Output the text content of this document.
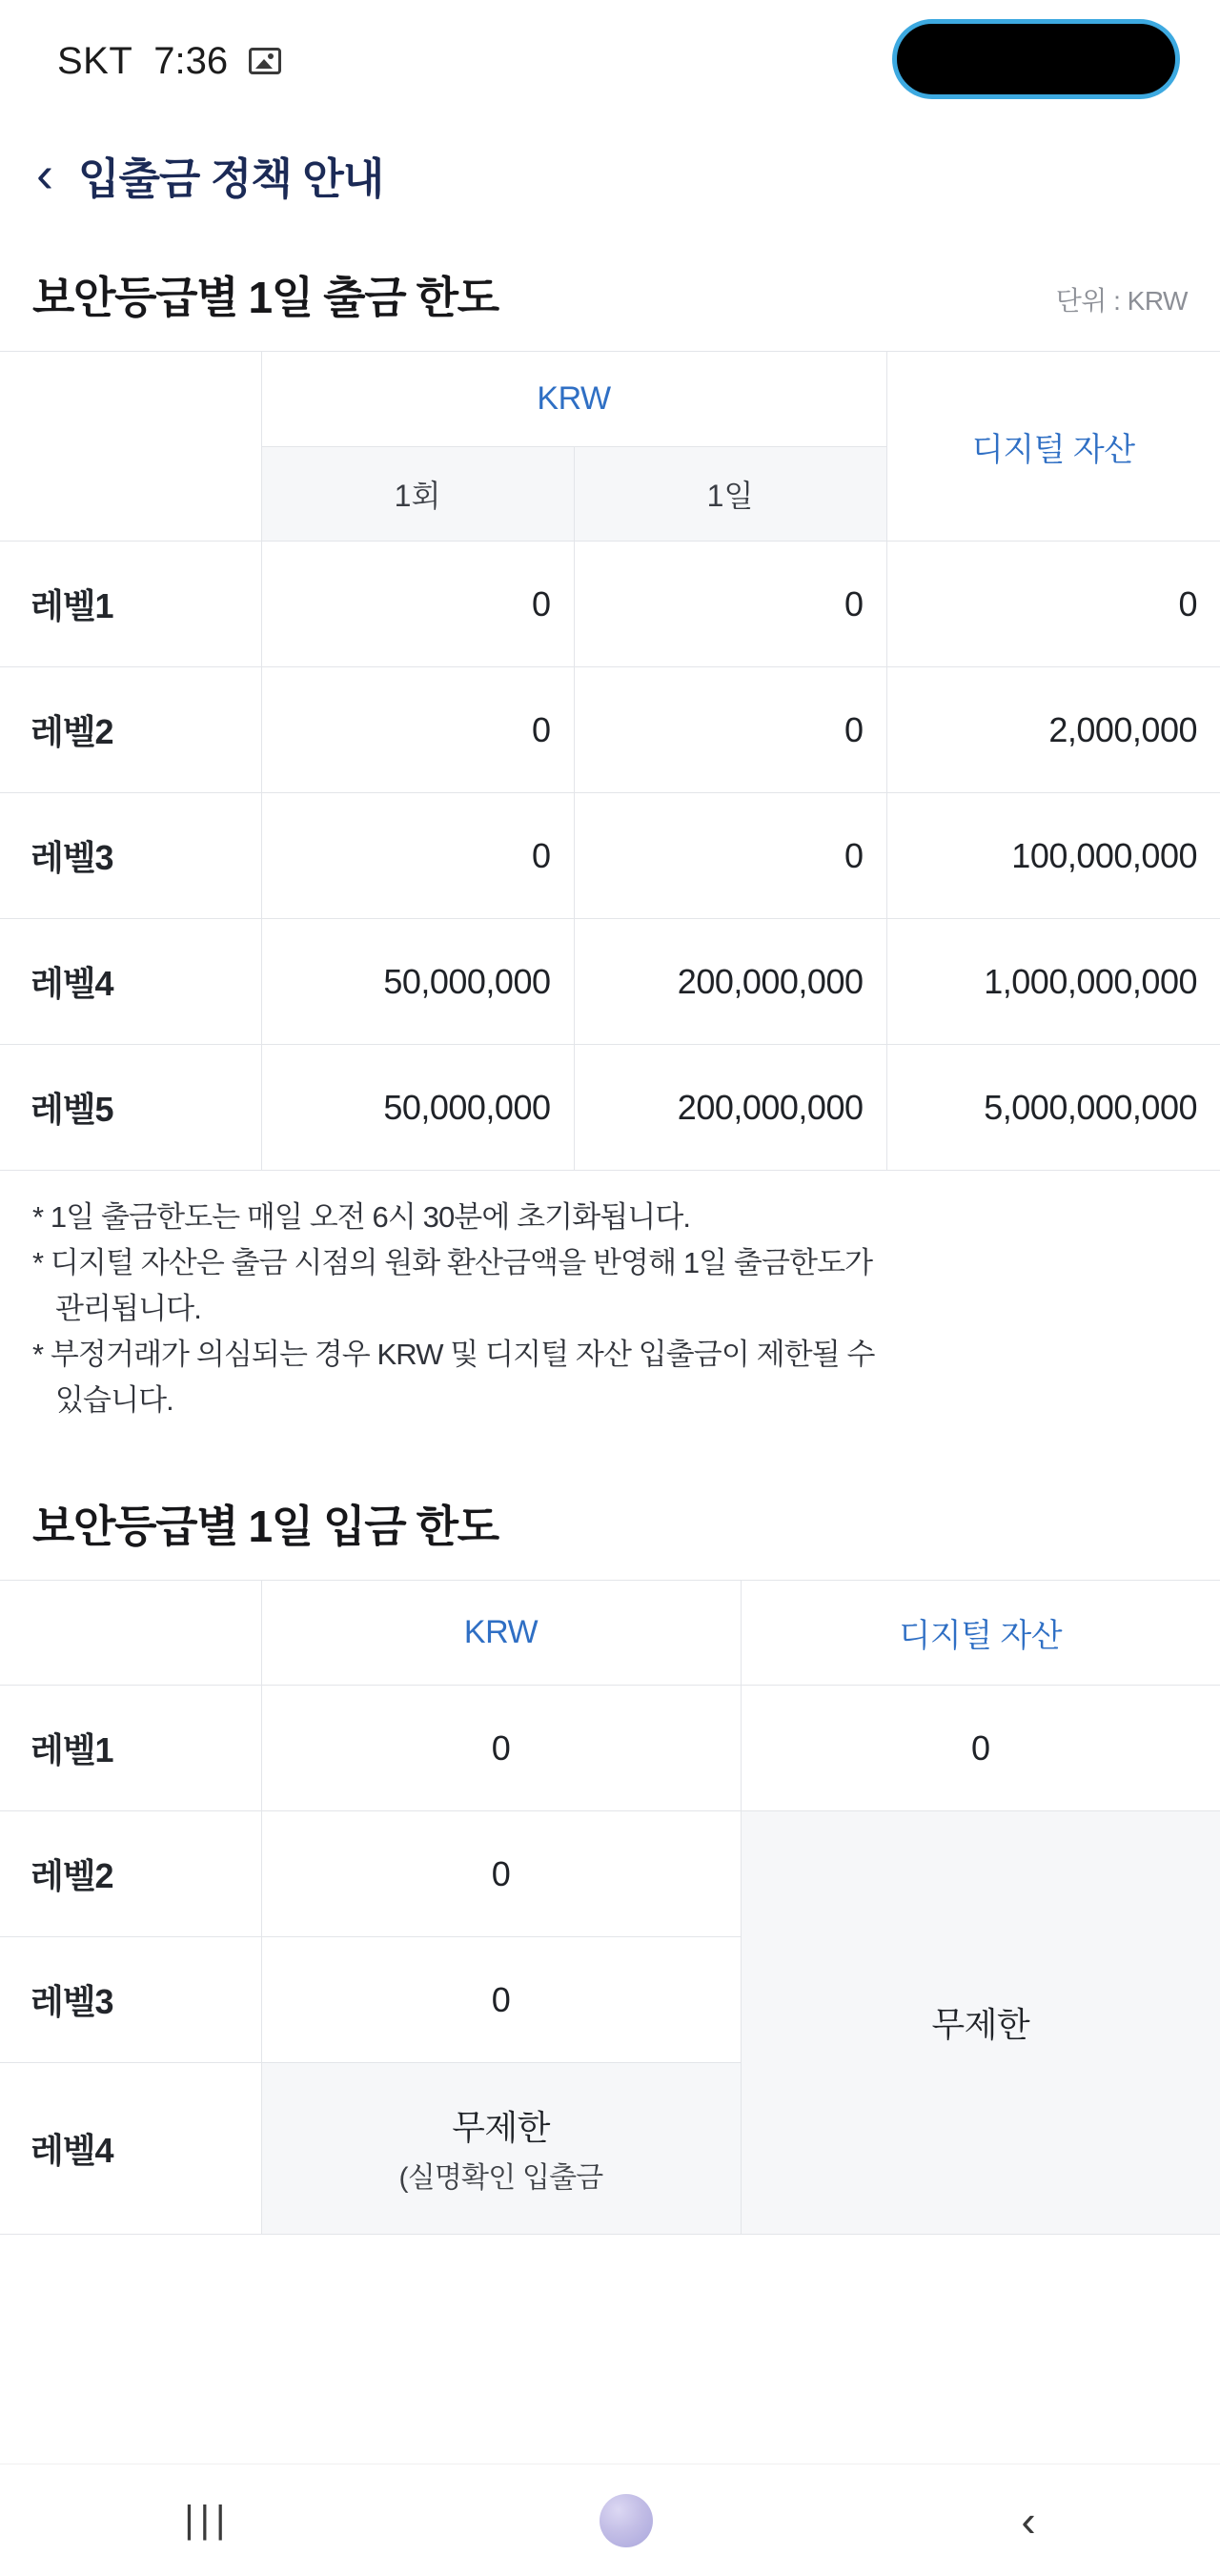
SKT 7:36
‹ 입출금 정책 안내
보안등급별 1일 출금 한도	단위 : KRW
	KRW		디지털 자산
	1회	1일	
레벨1	0	0	0
레벨2	0	0	2,000,000
레벨3	0	0	100,000,000
레벨4	50,000,000	200,000,000	1,000,000,000
레벨5	50,000,000	200,000,000	5,000,000,000
* 1일 출금한도는 매일 오전 6시 30분에 초기화됩니다.
* 디지털 자산은 출금 시점의 원화 환산금액을 반영해 1일 출금한도가
관리됩니다.
* 부정거래가 의심되는 경우 KRW 및 디지털 자산 입출금이 제한될 수
있습니다.
보안등급별 1일 입금 한도
	KRW	디지털 자산
레벨1	0	0
레벨2	0	무제한
레벨3	0	
레벨4	무제한
(실명확인 입출금	
|||	‹
